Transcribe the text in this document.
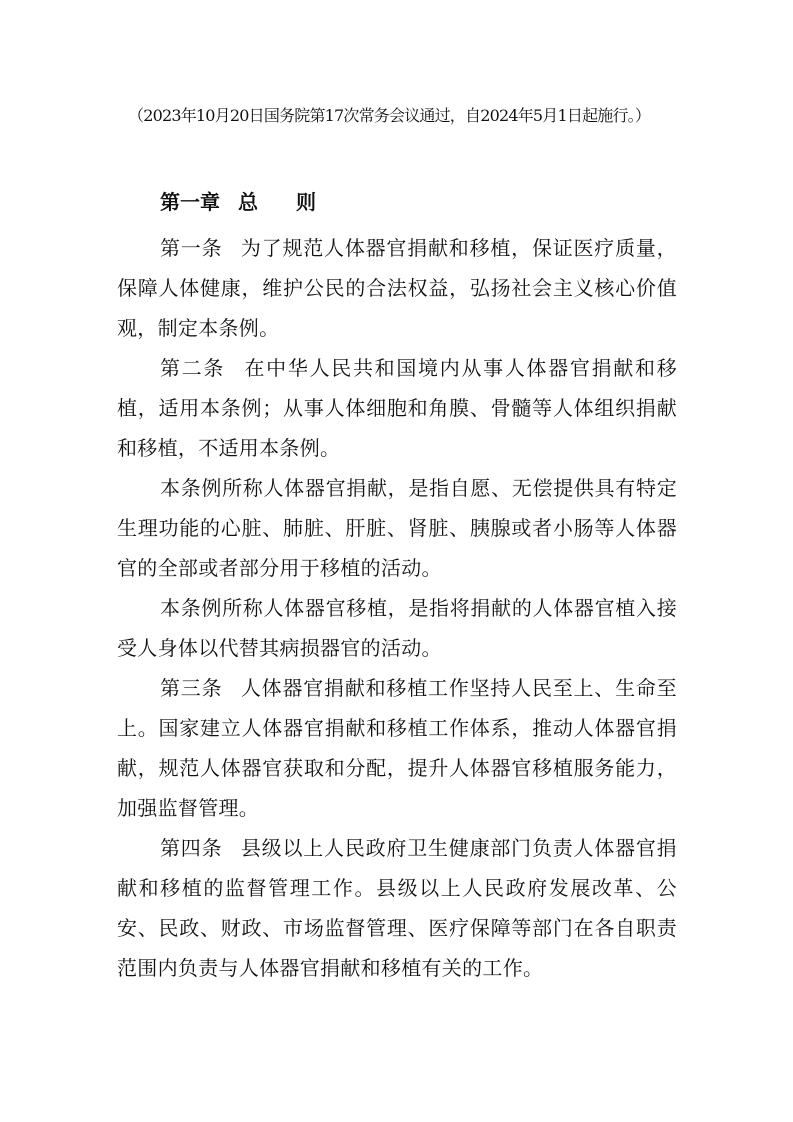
（2023年10月20日国务院第17次常务会议通过，自2024年5月1日起施行。）
第一章 总 则

第一条 为了规范人体器官捐献和移植，保证医疗质量，保障人体健康，维护公民的合法权益，弘扬社会主义核心价值观，制定本条例。

第二条 在中华人民共和国境内从事人体器官捐献和移植，适用本条例；从事人体细胞和角膜、骨髓等人体组织捐献和移植，不适用本条例。

本条例所称人体器官捐献，是指自愿、无偿提供具有特定生理功能的心脏、肺脏、肝脏、肾脏、胰腺或者小肠等人体器官的全部或者部分用于移植的活动。

本条例所称人体器官移植，是指将捐献的人体器官植入接受人身体以代替其病损器官的活动。

第三条 人体器官捐献和移植工作坚持人民至上、生命至上。国家建立人体器官捐献和移植工作体系，推动人体器官捐献，规范人体器官获取和分配，提升人体器官移植服务能力，加强监督管理。

第四条 县级以上人民政府卫生健康部门负责人体器官捐献和移植的监督管理工作。县级以上人民政府发展改革、公安、民政、财政、市场监督管理、医疗保障等部门在各自职责范围内负责与人体器官捐献和移植有关的工作。
